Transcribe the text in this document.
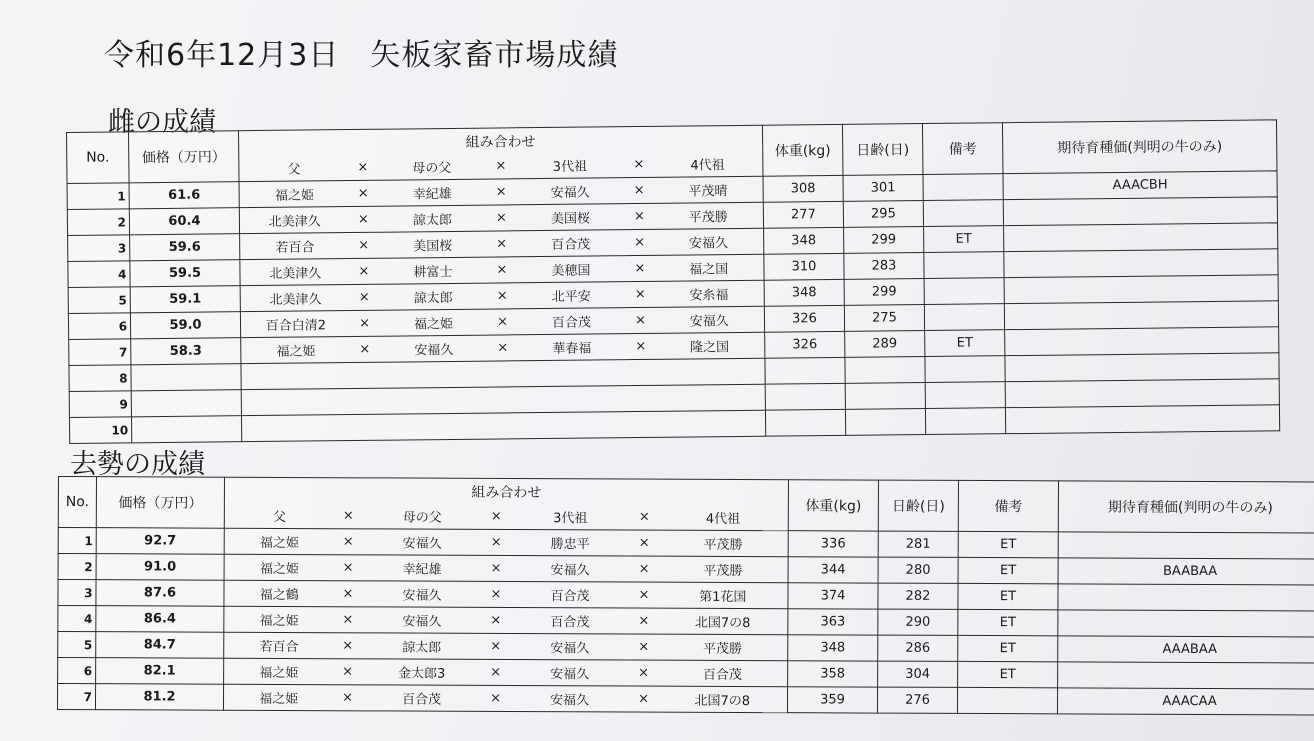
令和6年12月3日　矢板家畜市場成績
雌の成績
No.	価格（万円）	組み合わせ							体重(kg)	日齢(日)	備考	期待育種価(判明の牛のみ)
		父	×	母の父	×	3代祖	×	4代祖				
1	61.6	福之姫	×	幸紀雄	×	安福久	×	平茂晴	308	301		AAACBH
2	60.4	北美津久	×	諒太郎	×	美国桜	×	平茂勝	277	295		
3	59.6	若百合	×	美国桜	×	百合茂	×	安福久	348	299	ET	
4	59.5	北美津久	×	耕富士	×	美穂国	×	福之国	310	283		
5	59.1	北美津久	×	諒太郎	×	北平安	×	安糸福	348	299		
6	59.0	百合白清2	×	福之姫	×	百合茂	×	安福久	326	275		
7	58.3	福之姫	×	安福久	×	華春福	×	隆之国	326	289	ET	
8												
9												
10												
去勢の成績
No.	価格（万円）	組み合わせ							体重(kg)	日齢(日)	備考	期待育種価(判明の牛のみ)
		父	×	母の父	×	3代祖	×	4代祖				
1	92.7	福之姫	×	安福久	×	勝忠平	×	平茂勝	336	281	ET	
2	91.0	福之姫	×	幸紀雄	×	安福久	×	平茂勝	344	280	ET	BAABAA
3	87.6	福之鶴	×	安福久	×	百合茂	×	第1花国	374	282	ET	
4	86.4	福之姫	×	安福久	×	百合茂	×	北国7の8	363	290	ET	
5	84.7	若百合	×	諒太郎	×	安福久	×	平茂勝	348	286	ET	AAABAA
6	82.1	福之姫	×	金太郎3	×	安福久	×	百合茂	358	304	ET	
7	81.2	福之姫	×	百合茂	×	安福久	×	北国7の8	359	276		AAACAA
